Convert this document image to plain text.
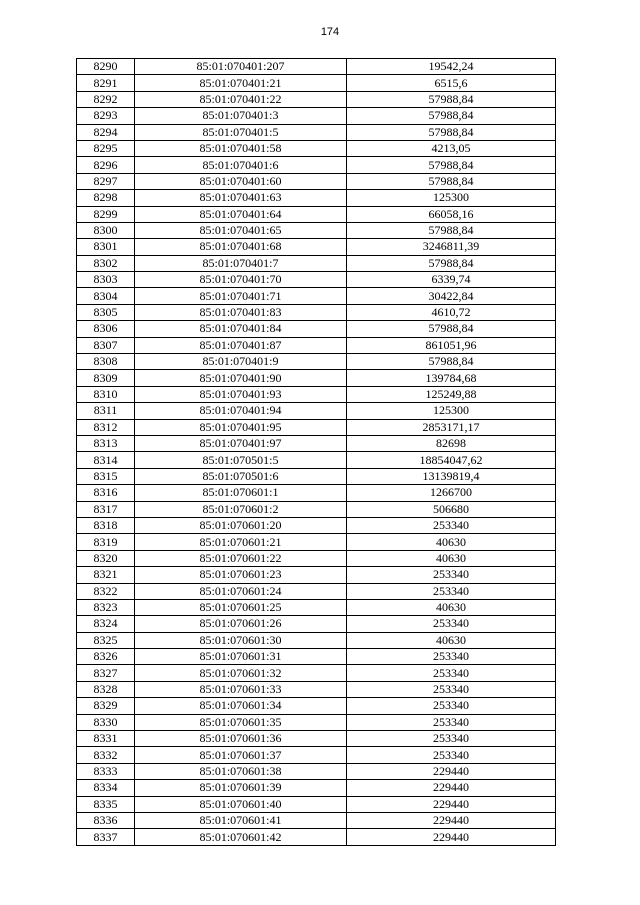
174
8290	85:01:070401:207	19542,24
8291	85:01:070401:21	6515,6
8292	85:01:070401:22	57988,84
8293	85:01:070401:3	57988,84
8294	85:01:070401:5	57988,84
8295	85:01:070401:58	4213,05
8296	85:01:070401:6	57988,84
8297	85:01:070401:60	57988,84
8298	85:01:070401:63	125300
8299	85:01:070401:64	66058,16
8300	85:01:070401:65	57988,84
8301	85:01:070401:68	3246811,39
8302	85:01:070401:7	57988,84
8303	85:01:070401:70	6339,74
8304	85:01:070401:71	30422,84
8305	85:01:070401:83	4610,72
8306	85:01:070401:84	57988,84
8307	85:01:070401:87	861051,96
8308	85:01:070401:9	57988,84
8309	85:01:070401:90	139784,68
8310	85:01:070401:93	125249,88
8311	85:01:070401:94	125300
8312	85:01:070401:95	2853171,17
8313	85:01:070401:97	82698
8314	85:01:070501:5	18854047,62
8315	85:01:070501:6	13139819,4
8316	85:01:070601:1	1266700
8317	85:01:070601:2	506680
8318	85:01:070601:20	253340
8319	85:01:070601:21	40630
8320	85:01:070601:22	40630
8321	85:01:070601:23	253340
8322	85:01:070601:24	253340
8323	85:01:070601:25	40630
8324	85:01:070601:26	253340
8325	85:01:070601:30	40630
8326	85:01:070601:31	253340
8327	85:01:070601:32	253340
8328	85:01:070601:33	253340
8329	85:01:070601:34	253340
8330	85:01:070601:35	253340
8331	85:01:070601:36	253340
8332	85:01:070601:37	253340
8333	85:01:070601:38	229440
8334	85:01:070601:39	229440
8335	85:01:070601:40	229440
8336	85:01:070601:41	229440
8337	85:01:070601:42	229440
